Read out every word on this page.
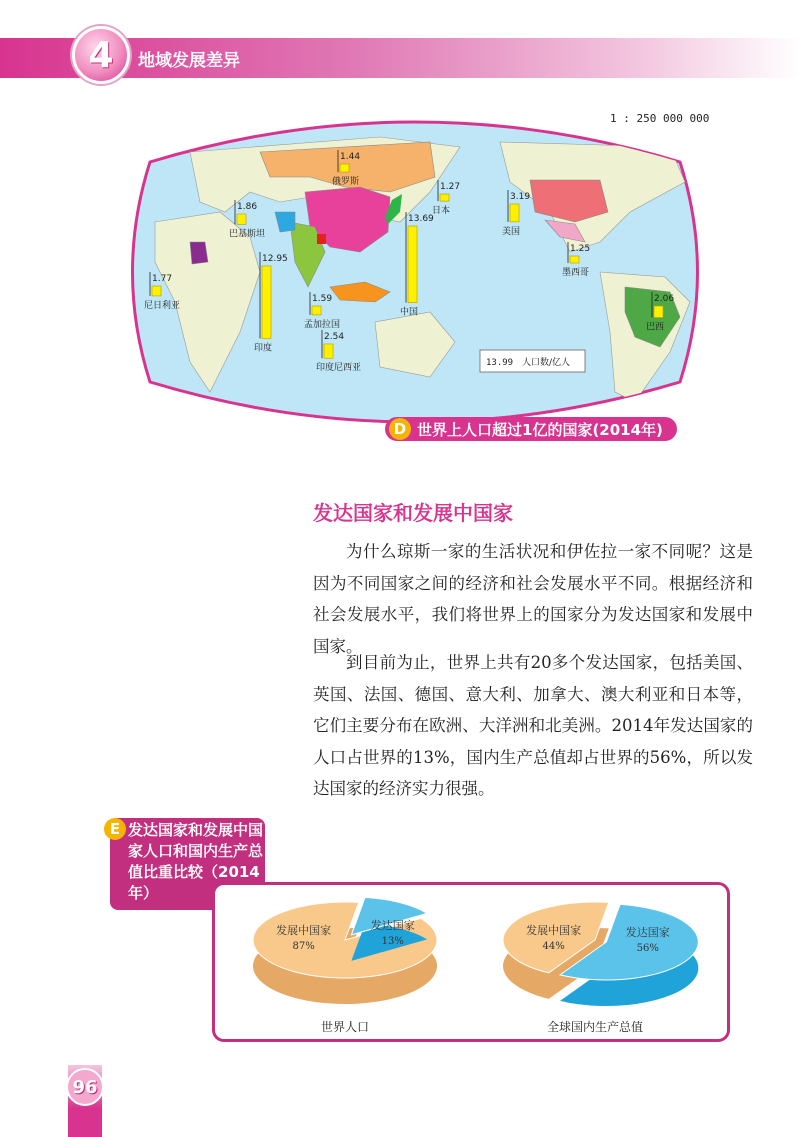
4	地域发展差异
1 : 250 000 000
1.44
俄罗斯	1.27
日本
1.86
巴基斯坦
13.69
中国
3.19
美国
1.25
墨西哥
1.77
尼日利亚
12.95
印度
1.59
孟加拉国
2.54
印度尼西亚
2.06
巴西
13.99 人口数/亿人
D 世界上人口超过1亿的国家(2014年)
发达国家和发展中国家
为什么琼斯一家的生活状况和伊佐拉一家不同呢？这是因为不同国家之间的经济和社会发展水平不同。根据经济和社会发展水平，我们将世界上的国家分为发达国家和发展中国家。
到目前为止，世界上共有20多个发达国家，包括美国、英国、法国、德国、意大利、加拿大、澳大利亚和日本等，它们主要分布在欧洲、大洋洲和北美洲。2014年发达国家的人口占世界的13%，国内生产总值却占世界的56%，所以发达国家的经济实力很强。
E 发达国家和发展中国家人口和国内生产总值比重比较（2014年）
发展中国家
87%
发达国家
13%
世界人口
发展中国家
44%
发达国家
56%
全球国内生产总值
96
